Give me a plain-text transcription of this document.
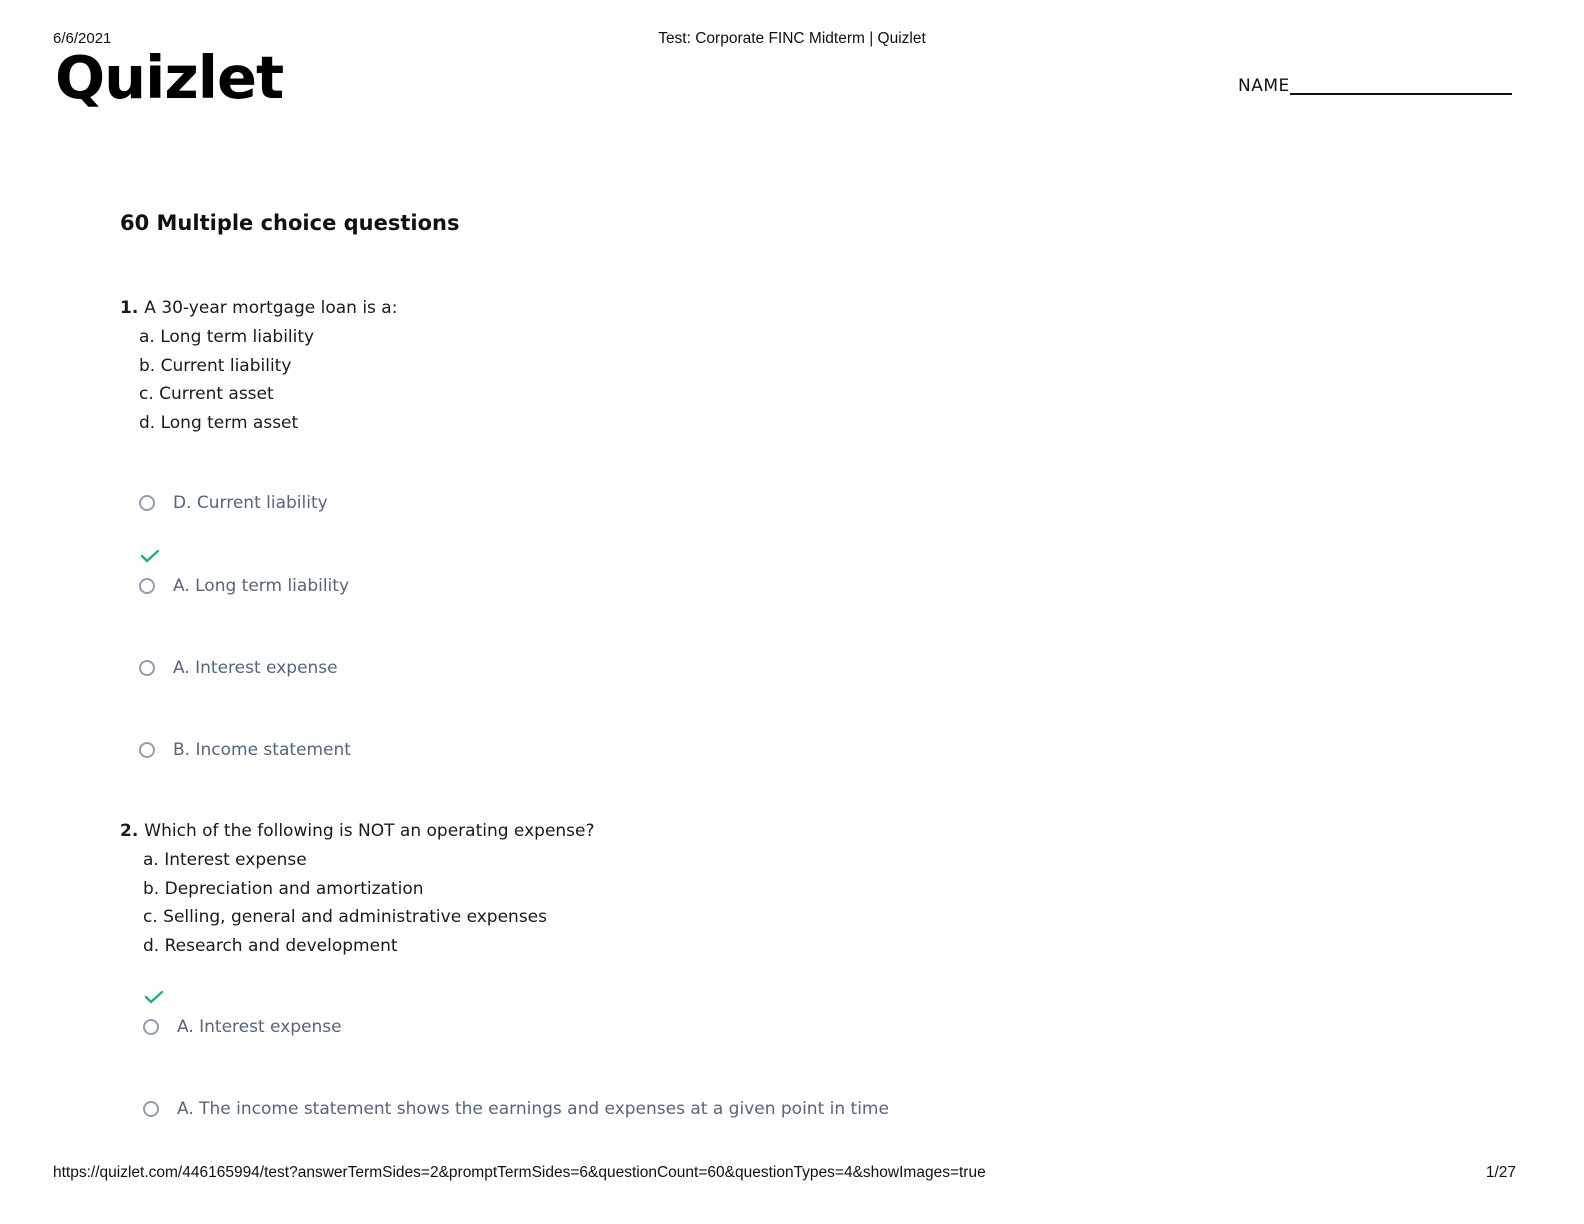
6/6/2021	Test: Corporate FINC Midterm | Quizlet
Quizlet	NAME
60 Multiple choice questions
1. A 30-year mortgage loan is a:
a. Long term liability
b. Current liability
c. Current asset
d. Long term asset
D. Current liability
A. Long term liability
A. Interest expense
B. Income statement
2. Which of the following is NOT an operating expense?
a. Interest expense
b. Depreciation and amortization
c. Selling, general and administrative expenses
d. Research and development
A. Interest expense
A. The income statement shows the earnings and expenses at a given point in time
https://quizlet.com/446165994/test?answerTermSides=2&promptTermSides=6&questionCount=60&questionTypes=4&showImages=true	1/27
